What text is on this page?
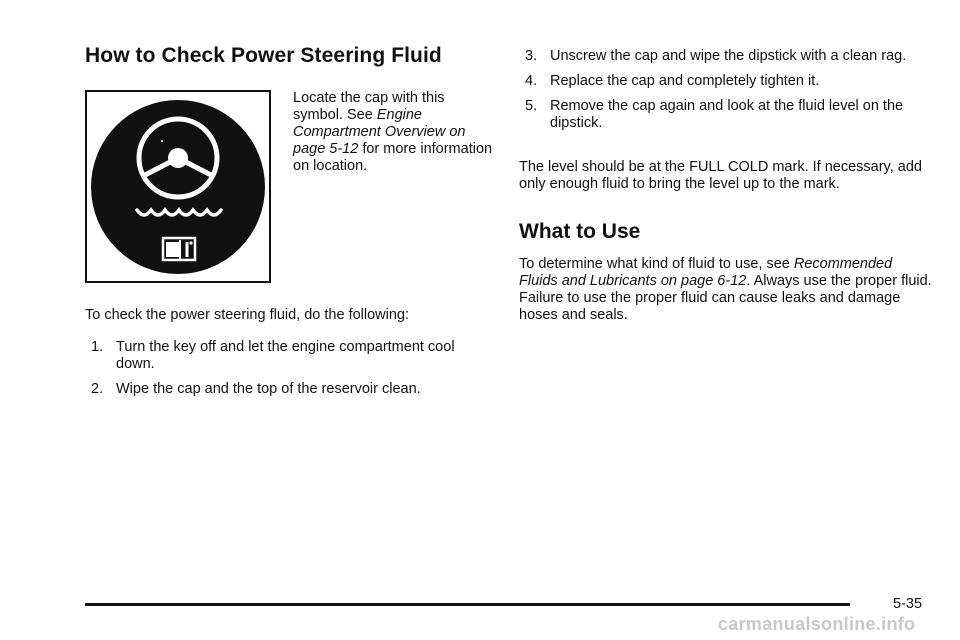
How to Check Power Steering Fluid

Locate the cap with this symbol. See Engine Compartment Overview on page 5-12 for more information on location.

To check the power steering fluid, do the following:

1. Turn the key off and let the engine compartment cool down.
2. Wipe the cap and the top of the reservoir clean.
3. Unscrew the cap and wipe the dipstick with a clean rag.
4. Replace the cap and completely tighten it.
5. Remove the cap again and look at the fluid level on the dipstick.

The level should be at the FULL COLD mark. If necessary, add only enough fluid to bring the level up to the mark.

What to Use

To determine what kind of fluid to use, see Recommended Fluids and Lubricants on page 6-12. Always use the proper fluid. Failure to use the proper fluid can cause leaks and damage hoses and seals.

5-35
carmanualsonline.info
